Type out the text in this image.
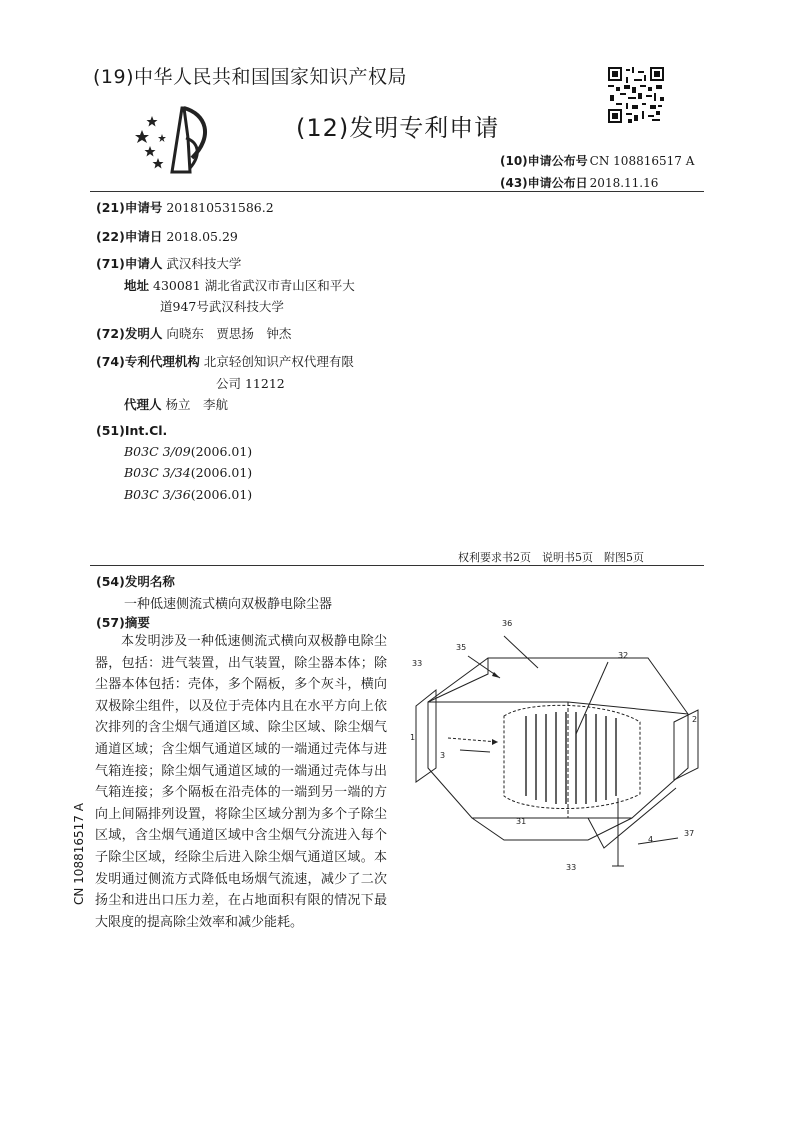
(19)中华人民共和国国家知识产权局
(12)发明专利申请
(10)申请公布号 CN 108816517 A
(43)申请公布日 2018.11.16
(21)申请号 201810531586.2
(22)申请日 2018.05.29
(71)申请人 武汉科技大学
地址 430081 湖北省武汉市青山区和平大
道947号武汉科技大学
(72)发明人 向晓东　贾思扬　钟杰
(74)专利代理机构 北京轻创知识产权代理有限
公司 11212
代理人 杨立　李航
(51)Int.Cl.
B03C 3/09(2006.01)
B03C 3/34(2006.01)
B03C 3/36(2006.01)
权利要求书2页　说明书5页　附图5页
(54)发明名称
一种低速侧流式横向双极静电除尘器
(57)摘要
本发明涉及一种低速侧流式横向双极静电除尘器，包括：进气装置，出气装置，除尘器本体；除尘器本体包括：壳体，多个隔板，多个灰斗，横向双极除尘组件，以及位于壳体内且在水平方向上依次排列的含尘烟气通道区域、除尘区域、除尘烟气通道区域；含尘烟气通道区域的一端通过壳体与进气箱连接；除尘烟气通道区域的一端通过壳体与出气箱连接；多个隔板在沿壳体的一端到另一端的方向上间隔排列设置，将除尘区域分割为多个子除尘区域，含尘烟气通道区域中含尘烟气分流进入每个子除尘区域，经除尘后进入除尘烟气通道区域。本发明通过侧流方式降低电场烟气流速，减少了二次扬尘和进出口压力差，在占地面积有限的情况下最大限度的提高除尘效率和减少能耗。
CN 108816517 A
36
35
33
32
1
2
3
31
37
4
33
